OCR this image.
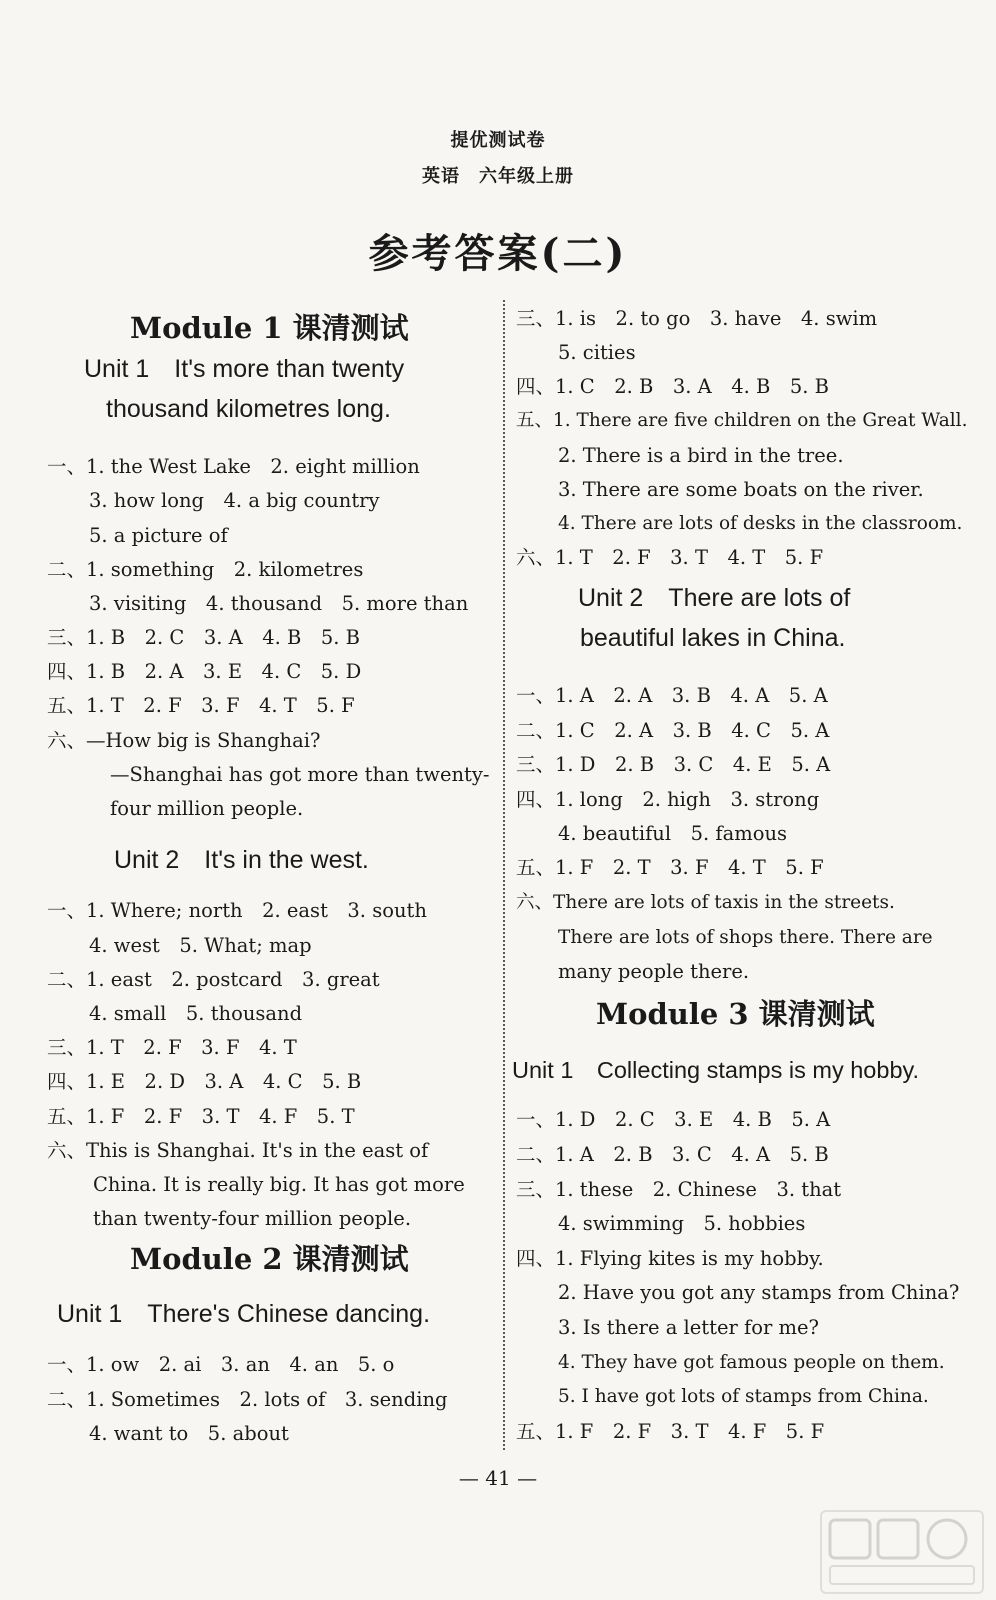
提优测试卷
英语　六年级上册
参考答案(二)
Module 1 课清测试
Unit 1　It's more than twenty
thousand kilometres long.
一、1. the West Lake　2. eight million
3. how long　4. a big country
5. a picture of
二、1. something　2. kilometres
3. visiting　4. thousand　5. more than
三、1. B　2. C　3. A　4. B　5. B
四、1. B　2. A　3. E　4. C　5. D
五、1. T　2. F　3. F　4. T　5. F
六、—How big is Shanghai?
—Shanghai has got more than twenty-
four million people.
Unit 2　It's in the west.
一、1. Where; north　2. east　3. south
4. west　5. What; map
二、1. east　2. postcard　3. great
4. small　5. thousand
三、1. T　2. F　3. F　4. T
四、1. E　2. D　3. A　4. C　5. B
五、1. F　2. F　3. T　4. F　5. T
六、This is Shanghai. It's in the east of
China. It is really big. It has got more
than twenty-four million people.
Module 2 课清测试
Unit 1　There's Chinese dancing.
一、1. ow　2. ai　3. an　4. an　5. o
二、1. Sometimes　2. lots of　3. sending
4. want to　5. about
三、1. is　2. to go　3. have　4. swim
5. cities
四、1. C　2. B　3. A　4. B　5. B
五、1. There are five children on the Great Wall.
2. There is a bird in the tree.
3. There are some boats on the river.
4. There are lots of desks in the classroom.
六、1. T　2. F　3. T　4. T　5. F
Unit 2　There are lots of
beautiful lakes in China.
一、1. A　2. A　3. B　4. A　5. A
二、1. C　2. A　3. B　4. C　5. A
三、1. D　2. B　3. C　4. E　5. A
四、1. long　2. high　3. strong
4. beautiful　5. famous
五、1. F　2. T　3. F　4. T　5. F
六、There are lots of taxis in the streets.
There are lots of shops there. There are
many people there.
Module 3 课清测试
Unit 1　Collecting stamps is my hobby.
一、1. D　2. C　3. E　4. B　5. A
二、1. A　2. B　3. C　4. A　5. B
三、1. these　2. Chinese　3. that
4. swimming　5. hobbies
四、1. Flying kites is my hobby.
2. Have you got any stamps from China?
3. Is there a letter for me?
4. They have got famous people on them.
5. I have got lots of stamps from China.
五、1. F　2. F　3. T　4. F　5. F
— 41 —
